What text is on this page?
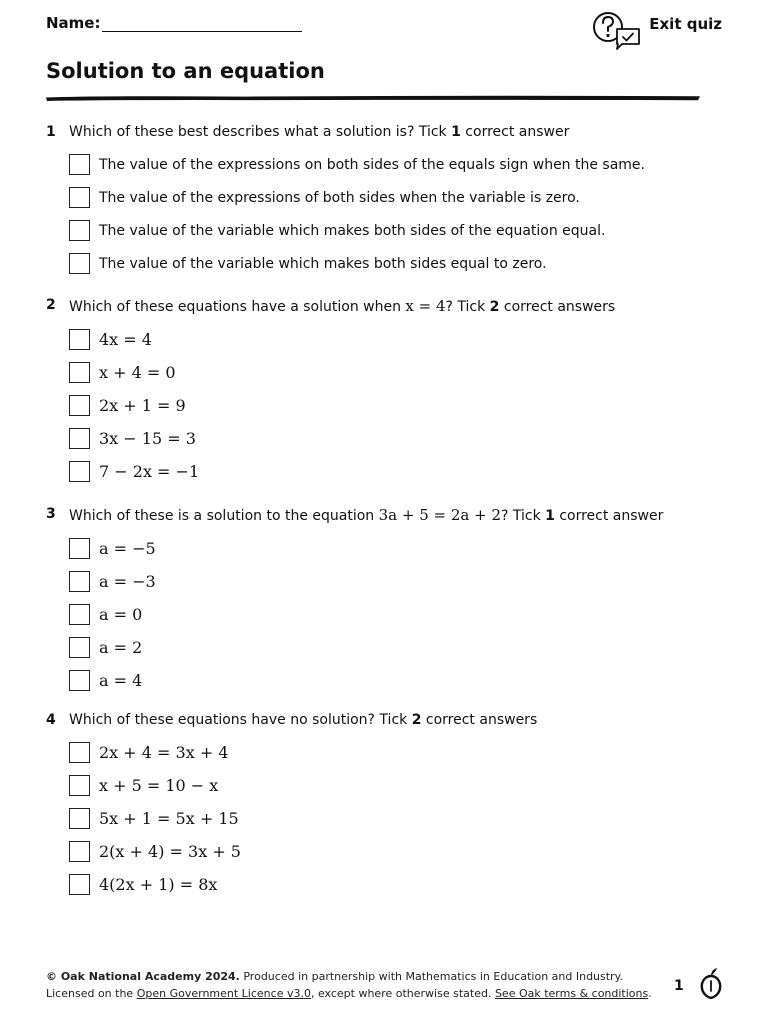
Name:	Exit quiz
Solution to an equation
1 Which of these best describes what a solution is? Tick 1 correct answer
The value of the expressions on both sides of the equals sign when the same.
The value of the expressions of both sides when the variable is zero.
The value of the variable which makes both sides of the equation equal.
The value of the variable which makes both sides equal to zero.
2 Which of these equations have a solution when x = 4? Tick 2 correct answers
4x = 4
x + 4 = 0
2x + 1 = 9
3x − 15 = 3
7 − 2x = −1
3 Which of these is a solution to the equation 3a + 5 = 2a + 2? Tick 1 correct answer
a = −5
a = −3
a = 0
a = 2
a = 4
4 Which of these equations have no solution? Tick 2 correct answers
2x + 4 = 3x + 4
x + 5 = 10 − x
5x + 1 = 5x + 15
2(x + 4) = 3x + 5
4(2x + 1) = 8x
© Oak National Academy 2024. Produced in partnership with Mathematics in Education and Industry.
Licensed on the Open Government Licence v3.0, except where otherwise stated. See Oak terms & conditions. 1
